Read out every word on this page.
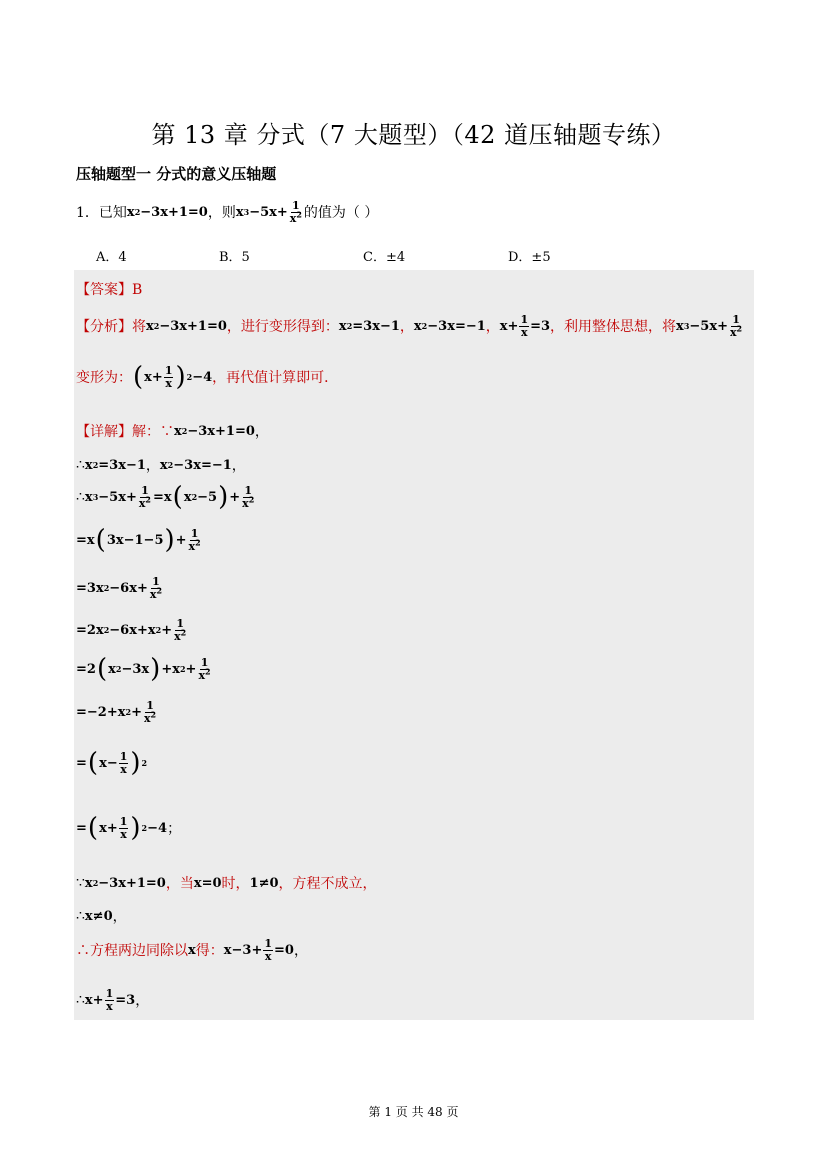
第 13 章 分式（7 大题型）（42 道压轴题专练）
压轴题型一 分式的意义压轴题
1．已知 x 2 −3x+1=0 ，则 x $3 -5x+ \frac{1}{x^2}$ 的值为（ ）
A．4	B．5	C．±4	D．±5
【答案】B
【分析】 将 x 2 −3x+1=0 ，进行变形得到： x 2 =3x−1 ， x 2 −3x=−1 ， $x+ \frac{1}{x} =3$ ，利用整体思想，将 x $3 -5x+ \frac{1}{x^2}$
变形为： ( $x+ \frac{1}{x}$ ) 2 −4 ，再代值计算即可．
【详解】 解：∵ x 2 −3x+1=0 ，
∴ x 2 =3x−1 ， x 2 −3x=−1 ，
∴ x $3 -5x+ \frac{1}{x^2} =x$ ( x 2 −5 ) + $\frac{1}{x^2}$
=x ( 3x−1−5 ) + $\frac{1}{x^2}$
=3x $2 -6x+ \frac{1}{x^2}$
=2x 2 −6x+x $2 + \frac{1}{x^2}$
=2 ( x 2 −3x ) +x $2 + \frac{1}{x^2}$
=−2+x $2 + \frac{1}{x^2}$
= ( $x- \frac{1}{x}$ ) 2
= ( $x+ \frac{1}{x}$ ) 2 −4 ；
∵ x 2 −3x+1=0 ，当 x=0 时， 1≠0 ，方程不成立，
∴ x≠0 ，
∴方程两边同除以 x 得： $x-3+ \frac{1}{x} =0$ ，
∴ $x+ \frac{1}{x} =3$ ，
第 1 页 共 48 页
